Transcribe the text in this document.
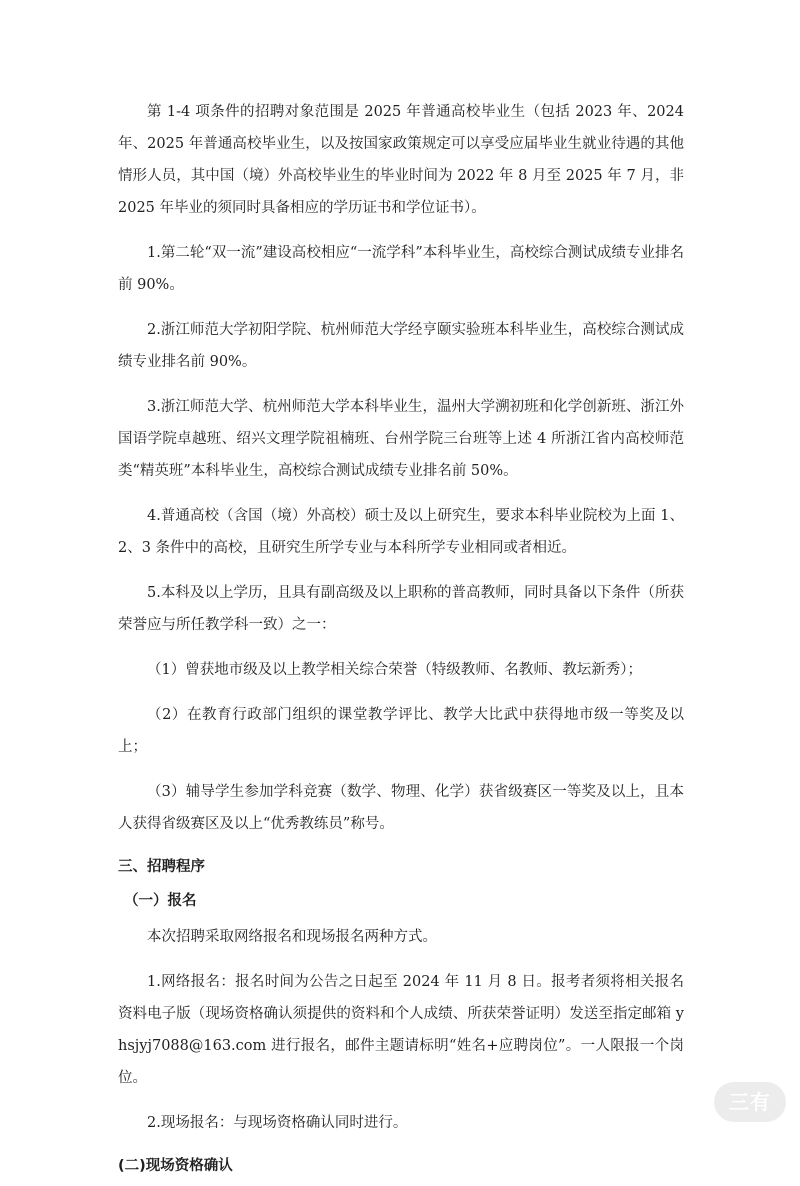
第 1-4 项条件的招聘对象范围是 2025 年普通高校毕业生（包括 2023 年、2024 年、2025 年普通高校毕业生，以及按国家政策规定可以享受应届毕业生就业待遇的其他情形人员，其中国（境）外高校毕业生的毕业时间为 2022 年 8 月至 2025 年 7 月，非 2025 年毕业的须同时具备相应的学历证书和学位证书）。

1.第二轮“双一流”建设高校相应“一流学科”本科毕业生，高校综合测试成绩专业排名前 90%。

2.浙江师范大学初阳学院、杭州师范大学经亨颐实验班本科毕业生，高校综合测试成绩专业排名前 90%。

3.浙江师范大学、杭州师范大学本科毕业生，温州大学溯初班和化学创新班、浙江外国语学院卓越班、绍兴文理学院祖楠班、台州学院三台班等上述 4 所浙江省内高校师范类“精英班”本科毕业生，高校综合测试成绩专业排名前 50%。

4.普通高校（含国（境）外高校）硕士及以上研究生，要求本科毕业院校为上面 1、2、3 条件中的高校，且研究生所学专业与本科所学专业相同或者相近。

5.本科及以上学历，且具有副高级及以上职称的普高教师，同时具备以下条件（所获荣誉应与所任教学科一致）之一：

（1）曾获地市级及以上教学相关综合荣誉（特级教师、名教师、教坛新秀）；

（2）在教育行政部门组织的课堂教学评比、教学大比武中获得地市级一等奖及以上；

（3）辅导学生参加学科竞赛（数学、物理、化学）获省级赛区一等奖及以上，且本人获得省级赛区及以上“优秀教练员”称号。

三、招聘程序
（一）报名

本次招聘采取网络报名和现场报名两种方式。

1.网络报名：报名时间为公告之日起至 2024 年 11 月 8 日。报考者须将相关报名资料电子版（现场资格确认须提供的资料和个人成绩、所获荣誉证明）发送至指定邮箱 yhsjyj7088@163.com 进行报名，邮件主题请标明“姓名+应聘岗位”。一人限报一个岗位。

2.现场报名：与现场资格确认同时进行。

(二)现场资格确认
三有
